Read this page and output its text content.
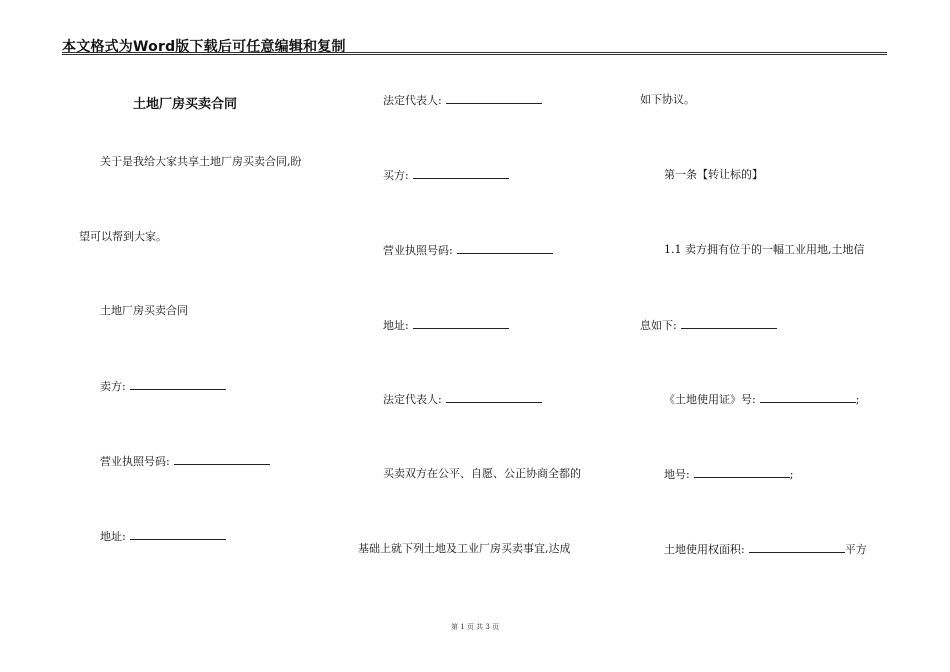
本文格式为Word版下载后可任意编辑和复制
土地厂房买卖合同
关于是我给大家共享土地厂房买卖合同,盼
望可以帮到大家。
土地厂房买卖合同
卖方:
营业执照号码:
地址:
法定代表人:
买方:
营业执照号码:
地址:
法定代表人:
买卖双方在公平、自愿、公正协商全都的
基础上就下列土地及工业厂房买卖事宜,达成
如下协议。
第一条【转让标的】
1.1 卖方拥有位于的一幅工业用地,土地信
息如下:
《土地使用证》号:	;
地号:	;
土地使用权面积:	平方
第 1 页 共 3 页
